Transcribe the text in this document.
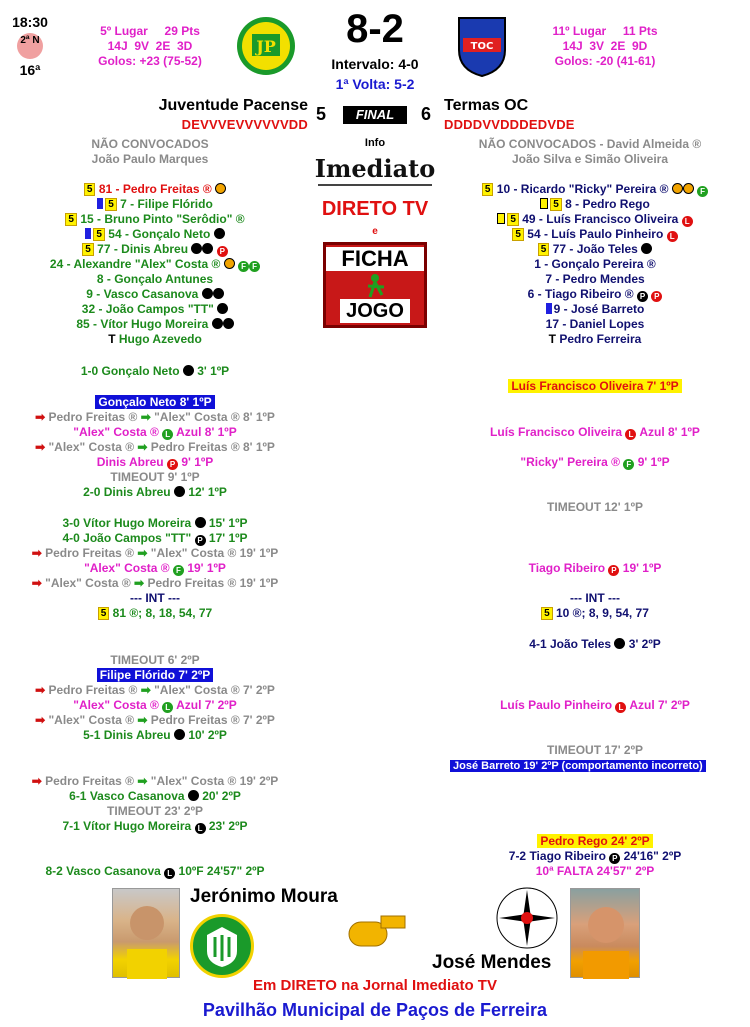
18:30
2ª N
16ª
5º Lugar 29 Pts
14J  9V  2E  3D
Golos: +23 (75-52)
JP	8-2
Intervalo: 4-0
1ª Volta: 5-2
TOC
11º Lugar 11 Pts
14J  3V  2E  9D
Golos: -20 (41-61)
Juventude Pacense 5	FINAL	6 Termas OC
DEVVVEVVVVVVDD	DDDDVVDDDEDVDE
NÃO CONVOCADOS
João Paulo Marques
NÃO CONVOCADOS - David Almeida ®
João Silva e Simão Oliveira
Info
Imediato
DIRETO TV
e
FICHA
JOGO
5 81 - Pedro Freitas ®
5 7 - Filipe Flórido
5 15 - Bruno Pinto "Serôdio" ®
5 54 - Gonçalo Neto
5 77 - Dinis Abreu	P
24 - Alexandre "Alex" Costa ®	F F
8 - Gonçalo Antunes
9 - Vasco Casanova
32 - João Campos "TT"
85 - Vítor Hugo Moreira
T Hugo Azevedo
5 10 - Ricardo "Ricky" Pereira ®	F
5 8 - Pedro Rego
5 49 - Luís Francisco Oliveira L
5 54 - Luís Paulo Pinheiro L
5 77 - João Teles
1 - Gonçalo Pereira ®
7 - Pedro Mendes
6 - Tiago Ribeiro ® P P
9 - José Barreto
17 - Daniel Lopes
T Pedro Ferreira
1-0 Gonçalo Neto 3' 1ºP
Gonçalo Neto 8' 1ºP
➡ Pedro Freitas ® ➡ "Alex" Costa ® 8' 1ºP
"Alex" Costa ® L Azul 8' 1ºP
➡ "Alex" Costa ® ➡ Pedro Freitas ® 8' 1ºP
Dinis Abreu P 9' 1ºP
TIMEOUT 9' 1ºP
2-0 Dinis Abreu 12' 1ºP
3-0 Vítor Hugo Moreira 15' 1ºP
4-0 João Campos "TT" P 17' 1ºP
➡ Pedro Freitas ® ➡ "Alex" Costa ® 19' 1ºP
"Alex" Costa ® F 19' 1ºP
➡ "Alex" Costa ® ➡ Pedro Freitas ® 19' 1ºP
--- INT ---
5 81 ®; 8, 18, 54, 77
TIMEOUT 6' 2ºP
Filipe Flórido 7' 2ºP
➡ Pedro Freitas ® ➡ "Alex" Costa ® 7' 2ºP
"Alex" Costa ® L Azul 7' 2ºP
➡ "Alex" Costa ® ➡ Pedro Freitas ® 7' 2ºP
5-1 Dinis Abreu 10' 2ºP
➡ Pedro Freitas ® ➡ "Alex" Costa ® 19' 2ºP
6-1 Vasco Casanova 20' 2ºP
TIMEOUT 23' 2ºP
7-1 Vítor Hugo Moreira L 23' 2ºP
8-2 Vasco Casanova L 10ºF 24'57" 2ºP
Luís Francisco Oliveira 7' 1ºP
Luís Francisco Oliveira L Azul 8' 1ºP
"Ricky" Pereira ® F 9' 1ºP
TIMEOUT 12' 1ºP
Tiago Ribeiro P 19' 1ºP
--- INT ---
5 10 ®; 8, 9, 54, 77
4-1 João Teles 3' 2ºP
Luís Paulo Pinheiro L Azul 7' 2ºP
TIMEOUT 17' 2ºP
José Barreto 19' 2ºP (comportamento incorreto)
Pedro Rego 24' 2ºP
7-2 Tiago Ribeiro P 24'16" 2ºP
10ª FALTA 24'57" 2ºP
Jerónimo Moura
José Mendes
Em DIRETO na Jornal Imediato TV
Pavilhão Municipal de Paços de Ferreira
